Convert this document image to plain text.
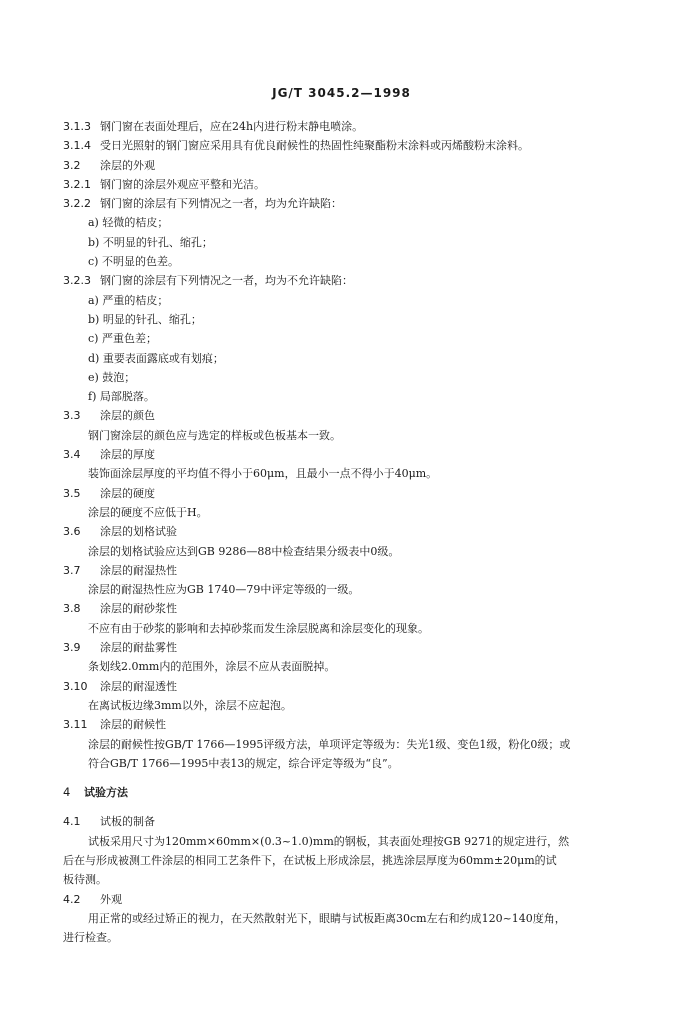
JG/T 3045.2—1998
3.1.3 钢门窗在表面处理后，应在24h内进行粉末静电喷涂。
3.1.4 受日光照射的钢门窗应采用具有优良耐候性的热固性纯聚酯粉末涂料或丙烯酸粉末涂料。
3.2 涂层的外观
3.2.1 钢门窗的涂层外观应平整和光洁。
3.2.2 钢门窗的涂层有下列情况之一者，均为允许缺陷：
a) 轻微的桔皮；
b) 不明显的针孔、缩孔；
c) 不明显的色差。
3.2.3 钢门窗的涂层有下列情况之一者，均为不允许缺陷：
a) 严重的桔皮；
b) 明显的针孔、缩孔；
c) 严重色差；
d) 重要表面露底或有划痕；
e) 鼓泡；
f) 局部脱落。
3.3 涂层的颜色
钢门窗涂层的颜色应与选定的样板或色板基本一致。
3.4 涂层的厚度
装饰面涂层厚度的平均值不得小于60μm，且最小一点不得小于40μm。
3.5 涂层的硬度
涂层的硬度不应低于H。
3.6 涂层的划格试验
涂层的划格试验应达到GB 9286—88中检查结果分级表中0级。
3.7 涂层的耐湿热性
涂层的耐湿热性应为GB 1740—79中评定等级的一级。
3.8 涂层的耐砂浆性
不应有由于砂浆的影响和去掉砂浆而发生涂层脱离和涂层变化的现象。
3.9 涂层的耐盐雾性
条划线2.0mm内的范围外，涂层不应从表面脱掉。
3.10 涂层的耐湿透性
在离试板边缘3mm以外，涂层不应起泡。
3.11 涂层的耐候性
涂层的耐候性按GB/T 1766—1995评级方法，单项评定等级为：失光1级、变色1级，粉化0级；或
符合GB/T 1766—1995中表13的规定，综合评定等级为“良”。
4 试验方法
4.1 试板的制备
试板采用尺寸为120mm×60mm×(0.3~1.0)mm的钢板，其表面处理按GB 9271的规定进行，然
后在与形成被测工件涂层的相同工艺条件下，在试板上形成涂层，挑选涂层厚度为60mm±20μm的试
板待测。
4.2 外观
用正常的或经过矫正的视力，在天然散射光下，眼睛与试板距离30cm左右和约成120~140度角，
进行检查。
